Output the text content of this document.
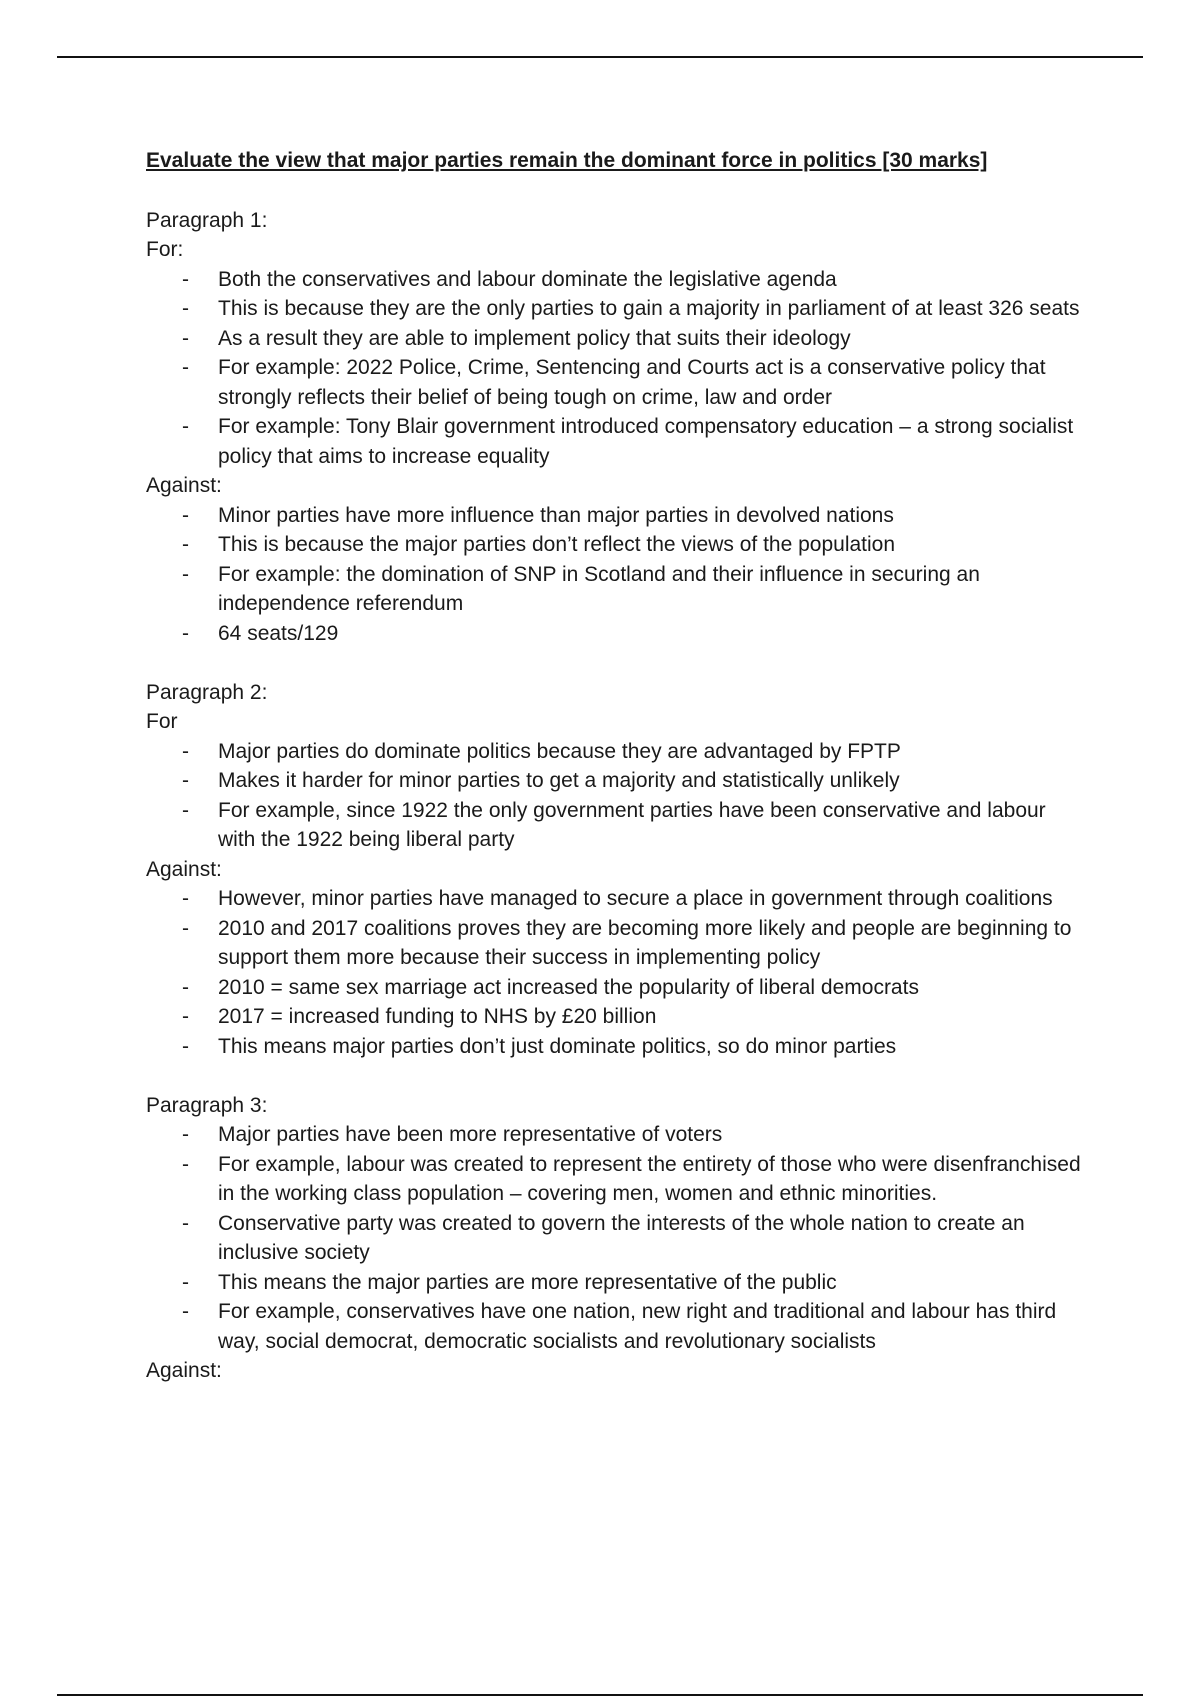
Evaluate the view that major parties remain the dominant force in politics [30 marks]
Paragraph 1:
For:
- Both the conservatives and labour dominate the legislative agenda
- This is because they are the only parties to gain a majority in parliament of at least 326 seats
- As a result they are able to implement policy that suits their ideology
- For example: 2022 Police, Crime, Sentencing and Courts act is a conservative policy that strongly reflects their belief of being tough on crime, law and order
- For example: Tony Blair government introduced compensatory education – a strong socialist policy that aims to increase equality
Against:
- Minor parties have more influence than major parties in devolved nations
- This is because the major parties don’t reflect the views of the population
- For example: the domination of SNP in Scotland and their influence in securing an independence referendum
- 64 seats/129
Paragraph 2:
For
- Major parties do dominate politics because they are advantaged by FPTP
- Makes it harder for minor parties to get a majority and statistically unlikely
- For example, since 1922 the only government parties have been conservative and labour with the 1922 being liberal party
Against:
- However, minor parties have managed to secure a place in government through coalitions
- 2010 and 2017 coalitions proves they are becoming more likely and people are beginning to support them more because their success in implementing policy
- 2010 = same sex marriage act increased the popularity of liberal democrats
- 2017 = increased funding to NHS by £20 billion
- This means major parties don’t just dominate politics, so do minor parties
Paragraph 3:
- Major parties have been more representative of voters
- For example, labour was created to represent the entirety of those who were disenfranchised in the working class population – covering men, women and ethnic minorities.
- Conservative party was created to govern the interests of the whole nation to create an inclusive society
- This means the major parties are more representative of the public
- For example, conservatives have one nation, new right and traditional and labour has third way, social democrat, democratic socialists and revolutionary socialists
Against:
